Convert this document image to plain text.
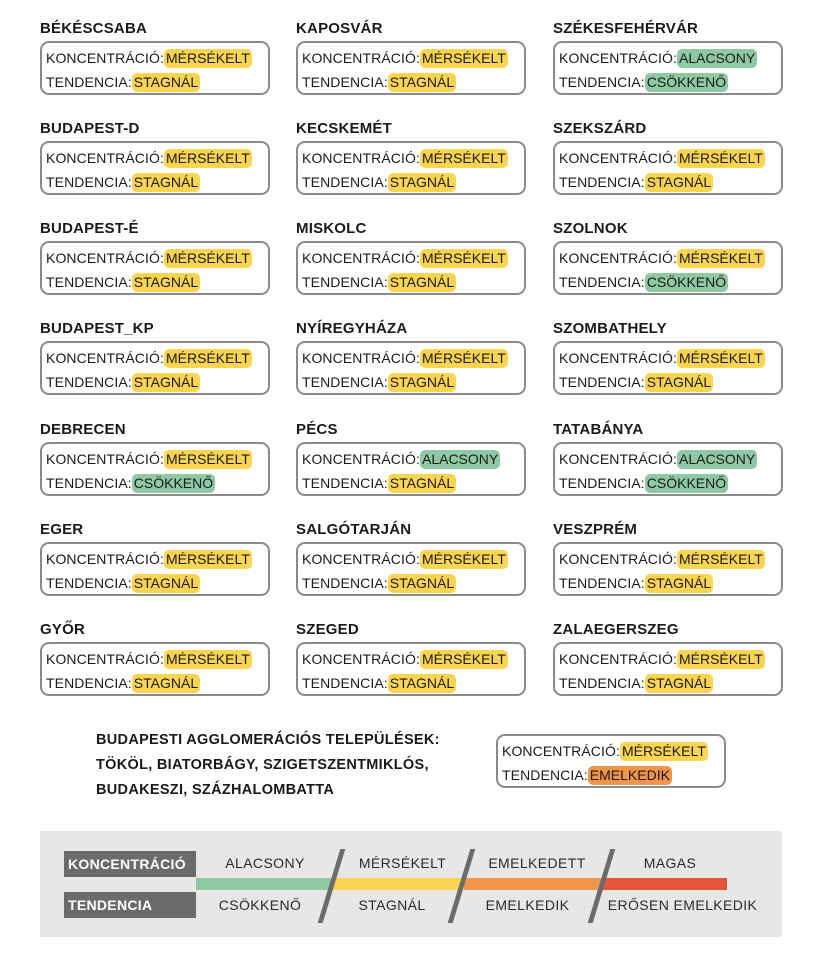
BÉKÉSCSABA
KONCENTRÁCIÓ: MÉRSÉKELT
TENDENCIA: STAGNÁL
KAPOSVÁR
KONCENTRÁCIÓ: MÉRSÉKELT
TENDENCIA: STAGNÁL
SZÉKESFEHÉRVÁR
KONCENTRÁCIÓ: ALACSONY
TENDENCIA: CSÖKKENŐ
BUDAPEST-D
KONCENTRÁCIÓ: MÉRSÉKELT
TENDENCIA: STAGNÁL
KECSKEMÉT
KONCENTRÁCIÓ: MÉRSÉKELT
TENDENCIA: STAGNÁL
SZEKSZÁRD
KONCENTRÁCIÓ: MÉRSÉKELT
TENDENCIA: STAGNÁL
BUDAPEST-É
KONCENTRÁCIÓ: MÉRSÉKELT
TENDENCIA: STAGNÁL
MISKOLC
KONCENTRÁCIÓ: MÉRSÉKELT
TENDENCIA: STAGNÁL
SZOLNOK
KONCENTRÁCIÓ: MÉRSÉKELT
TENDENCIA: CSÖKKENŐ
BUDAPEST_KP
KONCENTRÁCIÓ: MÉRSÉKELT
TENDENCIA: STAGNÁL
NYÍREGYHÁZA
KONCENTRÁCIÓ: MÉRSÉKELT
TENDENCIA: STAGNÁL
SZOMBATHELY
KONCENTRÁCIÓ: MÉRSÉKELT
TENDENCIA: STAGNÁL
DEBRECEN
KONCENTRÁCIÓ: MÉRSÉKELT
TENDENCIA: CSÖKKENŐ
PÉCS
KONCENTRÁCIÓ: ALACSONY
TENDENCIA: STAGNÁL
TATABÁNYA
KONCENTRÁCIÓ: ALACSONY
TENDENCIA: CSÖKKENŐ
EGER
KONCENTRÁCIÓ: MÉRSÉKELT
TENDENCIA: STAGNÁL
SALGÓTARJÁN
KONCENTRÁCIÓ: MÉRSÉKELT
TENDENCIA: STAGNÁL
VESZPRÉM
KONCENTRÁCIÓ: MÉRSÉKELT
TENDENCIA: STAGNÁL
GYŐR
KONCENTRÁCIÓ: MÉRSÉKELT
TENDENCIA: STAGNÁL
SZEGED
KONCENTRÁCIÓ: MÉRSÉKELT
TENDENCIA: STAGNÁL
ZALAEGERSZEG
KONCENTRÁCIÓ: MÉRSÉKELT
TENDENCIA: STAGNÁL
BUDAPESTI AGGLOMERÁCIÓS TELEPÜLÉSEK:
TÖKÖL, BIATORBÁGY, SZIGETSZENTMIKLÓS,
BUDAKESZI, SZÁZHALOMBATTA
KONCENTRÁCIÓ: MÉRSÉKELT
TENDENCIA: EMELKEDIK
KONCENTRÁCIÓ
TENDENCIA
ALACSONY	MÉRSÉKELT	EMELKEDETT	MAGAS
CSÖKKENŐ	STAGNÁL	EMELKEDIK	ERŐSEN EMELKEDIK
